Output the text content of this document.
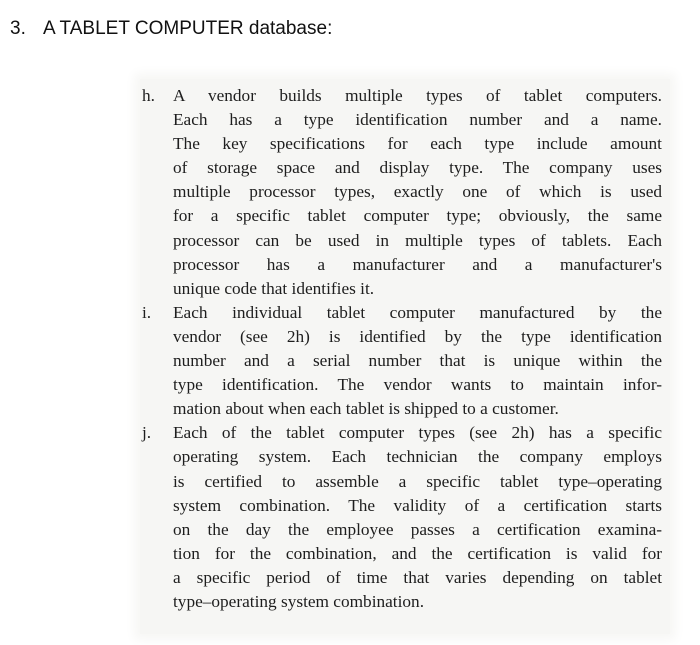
3. A TABLET COMPUTER database:
h. A vendor builds multiple types of tablet computers.
Each has a type identification number and a name.
The key specifications for each type include amount
of storage space and display type. The company uses
multiple processor types, exactly one of which is used
for a specific tablet computer type; obviously, the same
processor can be used in multiple types of tablets. Each
processor has a manufacturer and a manufacturer's
unique code that identifies it.
i. Each individual tablet computer manufactured by the
vendor (see 2h) is identified by the type identification
number and a serial number that is unique within the
type identification. The vendor wants to maintain infor-
mation about when each tablet is shipped to a customer.
j. Each of the tablet computer types (see 2h) has a specific
operating system. Each technician the company employs
is certified to assemble a specific tablet type–operating
system combination. The validity of a certification starts
on the day the employee passes a certification examina-
tion for the combination, and the certification is valid for
a specific period of time that varies depending on tablet
type–operating system combination.
